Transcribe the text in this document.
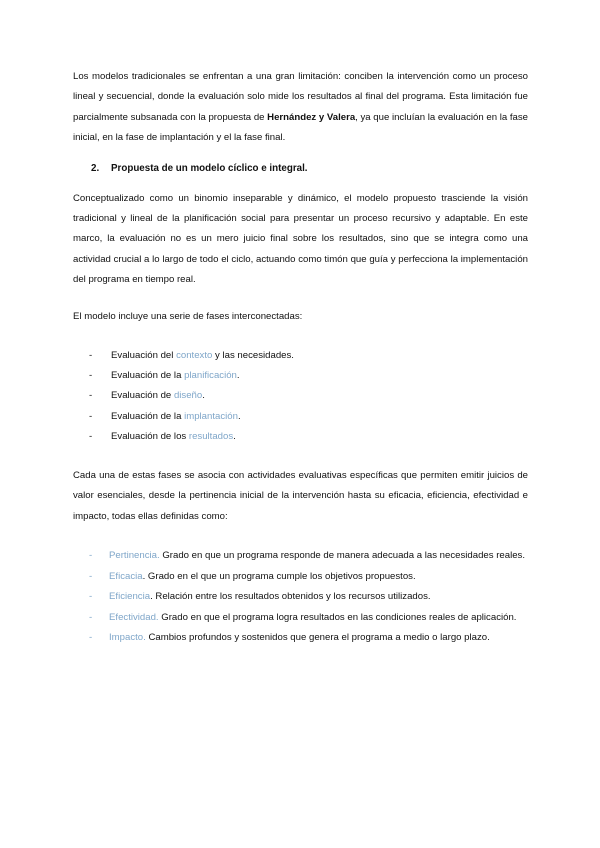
Los modelos tradicionales se enfrentan a una gran limitación: conciben la intervención como un proceso lineal y secuencial, donde la evaluación solo mide los resultados al final del programa. Esta limitación fue parcialmente subsanada con la propuesta de Hernández y Valera, ya que incluían la evaluación en la fase inicial, en la fase de implantación y el la fase final.

2. Propuesta de un modelo cíclico e integral.

Conceptualizado como un binomio inseparable y dinámico, el modelo propuesto trasciende la visión tradicional y lineal de la planificación social para presentar un proceso recursivo y adaptable. En este marco, la evaluación no es un mero juicio final sobre los resultados, sino que se integra como una actividad crucial a lo largo de todo el ciclo, actuando como timón que guía y perfecciona la implementación del programa en tiempo real.

El modelo incluye una serie de fases interconectadas:

- Evaluación del contexto y las necesidades.
- Evaluación de la planificación.
- Evaluación de diseño.
- Evaluación de la implantación.
- Evaluación de los resultados.

Cada una de estas fases se asocia con actividades evaluativas específicas que permiten emitir juicios de valor esenciales, desde la pertinencia inicial de la intervención hasta su eficacia, eficiencia, efectividad e impacto, todas ellas definidas como:

- Pertinencia. Grado en que un programa responde de manera adecuada a las necesidades reales.
- Eficacia. Grado en el que un programa cumple los objetivos propuestos.
- Eficiencia. Relación entre los resultados obtenidos y los recursos utilizados.
- Efectividad. Grado en que el programa logra resultados en las condiciones reales de aplicación.
- Impacto. Cambios profundos y sostenidos que genera el programa a medio o largo plazo.
